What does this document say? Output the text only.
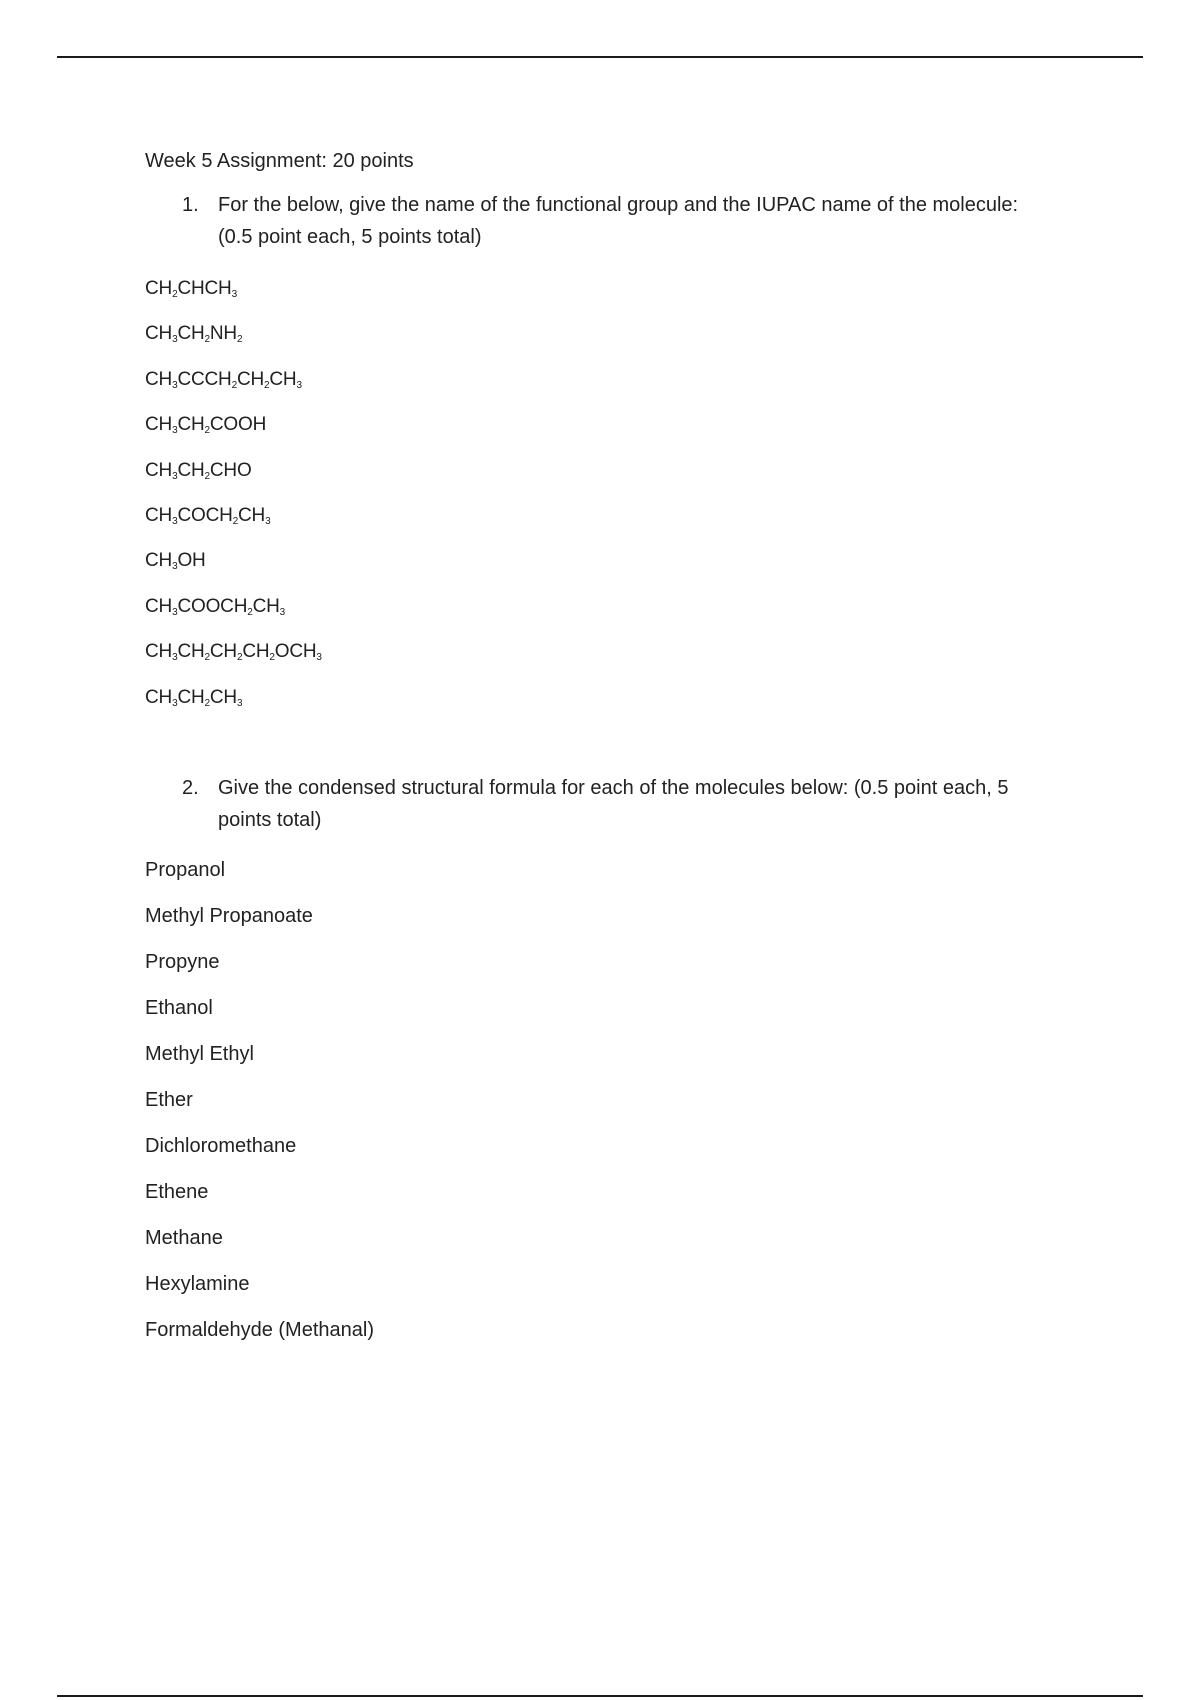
Week 5 Assignment: 20 points
1. For the below, give the name of the functional group and the IUPAC name of the molecule: (0.5 point each, 5 points total)
$CH_2CHCH_3$
$CH_3CH_2NH_2$
$CH_3CCCH_2CH_2CH_3$
$CH_3CH_2COOH$
$CH_3CH_2CHO$
$CH_3COCH_2CH_3$
$CH_3OH$
$CH_3COOCH_2CH_3$
$CH_3CH_2CH_2CH_2OCH_3$
$CH_3CH_2CH_3$
2. Give the condensed structural formula for each of the molecules below: (0.5 point each, 5 points total)
Propanol
Methyl Propanoate
Propyne
Ethanol
Methyl Ethyl
Ether
Dichloromethane
Ethene
Methane
Hexylamine
Formaldehyde (Methanal)
